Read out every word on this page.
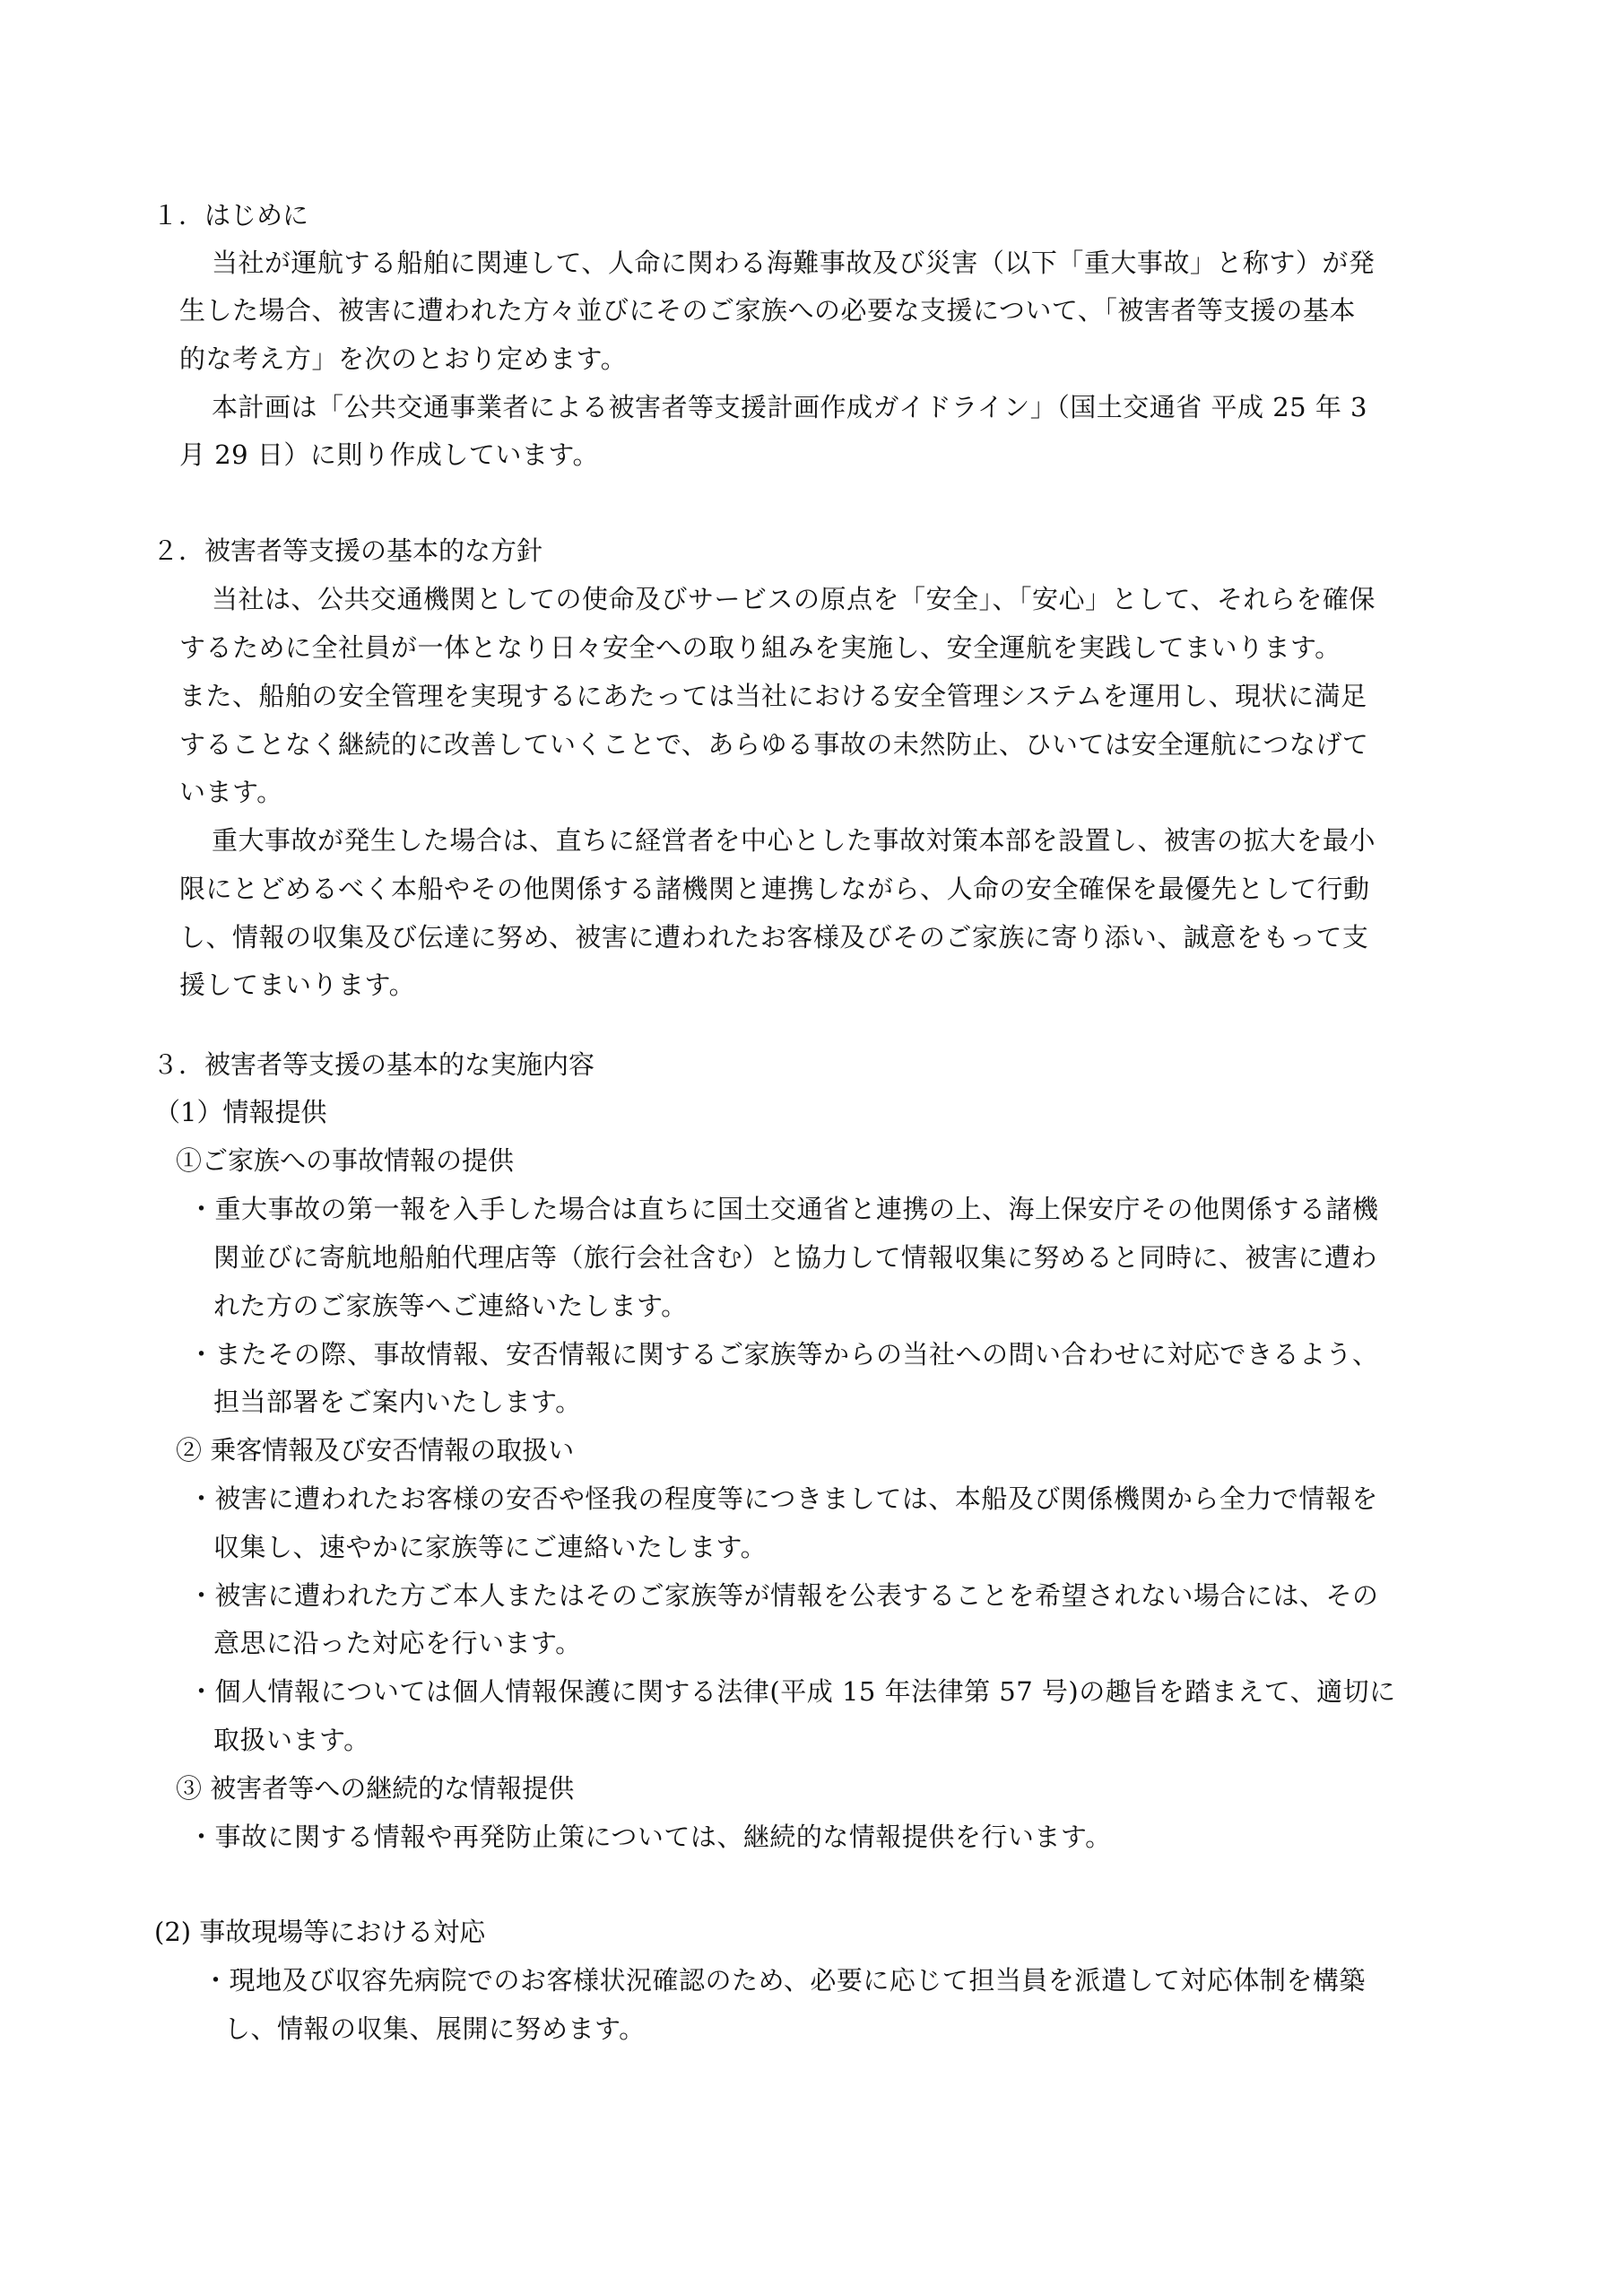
１．はじめに
当社が運航する船舶に関連して、人命に関わる海難事故及び災害（以下「重大事故」と称す）が発
生した場合、被害に遭われた方々並びにそのご家族への必要な支援について、「被害者等支援の基本
的な考え方」を次のとおり定めます。
本計画は「公共交通事業者による被害者等支援計画作成ガイドライン」（国土交通省 平成 25 年 3
月 29 日）に則り作成しています。
２．被害者等支援の基本的な方針
当社は、公共交通機関としての使命及びサービスの原点を「安全」、「安心」として、それらを確保
するために全社員が一体となり日々安全への取り組みを実施し、安全運航を実践してまいります。
また、船舶の安全管理を実現するにあたっては当社における安全管理システムを運用し、現状に満足
することなく継続的に改善していくことで、あらゆる事故の未然防止、ひいては安全運航につなげて
います。
重大事故が発生した場合は、直ちに経営者を中心とした事故対策本部を設置し、被害の拡大を最小
限にとどめるべく本船やその他関係する諸機関と連携しながら、人命の安全確保を最優先として行動
し、情報の収集及び伝達に努め、被害に遭われたお客様及びそのご家族に寄り添い、誠意をもって支
援してまいります。
３．被害者等支援の基本的な実施内容
（1）情報提供
①ご家族への事故情報の提供
・重大事故の第一報を入手した場合は直ちに国土交通省と連携の上、海上保安庁その他関係する諸機
関並びに寄航地船舶代理店等（旅行会社含む）と協力して情報収集に努めると同時に、被害に遭わ
れた方のご家族等へご連絡いたします。
・またその際、事故情報、安否情報に関するご家族等からの当社への問い合わせに対応できるよう、
担当部署をご案内いたします。
② 乗客情報及び安否情報の取扱い
・被害に遭われたお客様の安否や怪我の程度等につきましては、本船及び関係機関から全力で情報を
収集し、速やかに家族等にご連絡いたします。
・被害に遭われた方ご本人またはそのご家族等が情報を公表することを希望されない場合には、その
意思に沿った対応を行います。
・個人情報については個人情報保護に関する法律(平成 15 年法律第 57 号)の趣旨を踏まえて、適切に
取扱います。
③ 被害者等への継続的な情報提供
・事故に関する情報や再発防止策については、継続的な情報提供を行います。
(2) 事故現場等における対応
・現地及び収容先病院でのお客様状況確認のため、必要に応じて担当員を派遣して対応体制を構築
し、情報の収集、展開に努めます。
